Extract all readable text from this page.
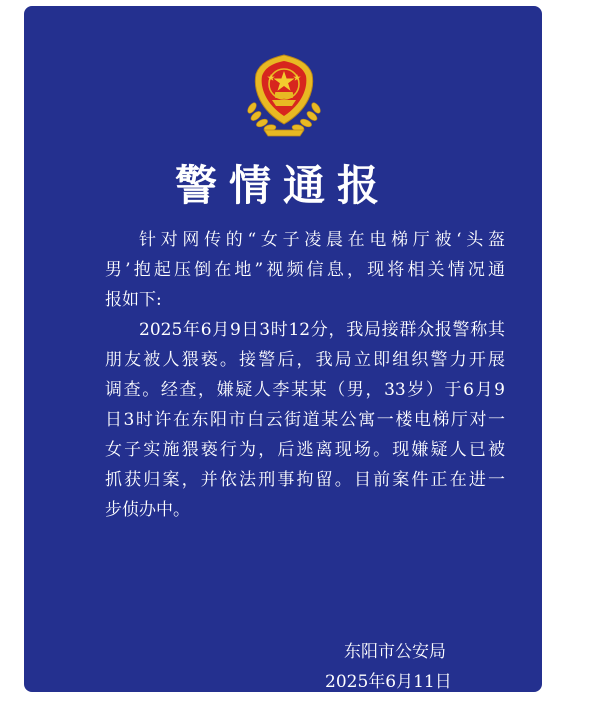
警情通报
针对网传的“女子凌晨在电梯厅被‘头盔
男’抱起压倒在地”视频信息，现将相关情况通
报如下:
2025年6月9日3时12分，我局接群众报警称其
朋友被人猥亵。接警后，我局立即组织警力开展
调查。经查，嫌疑人李某某（男，33岁）于6月9
日3时许在东阳市白云街道某公寓一楼电梯厅对一
女子实施猥亵行为，后逃离现场。现嫌疑人已被
抓获归案，并依法刑事拘留。目前案件正在进一
步侦办中。
东阳市公安局
2025年6月11日
